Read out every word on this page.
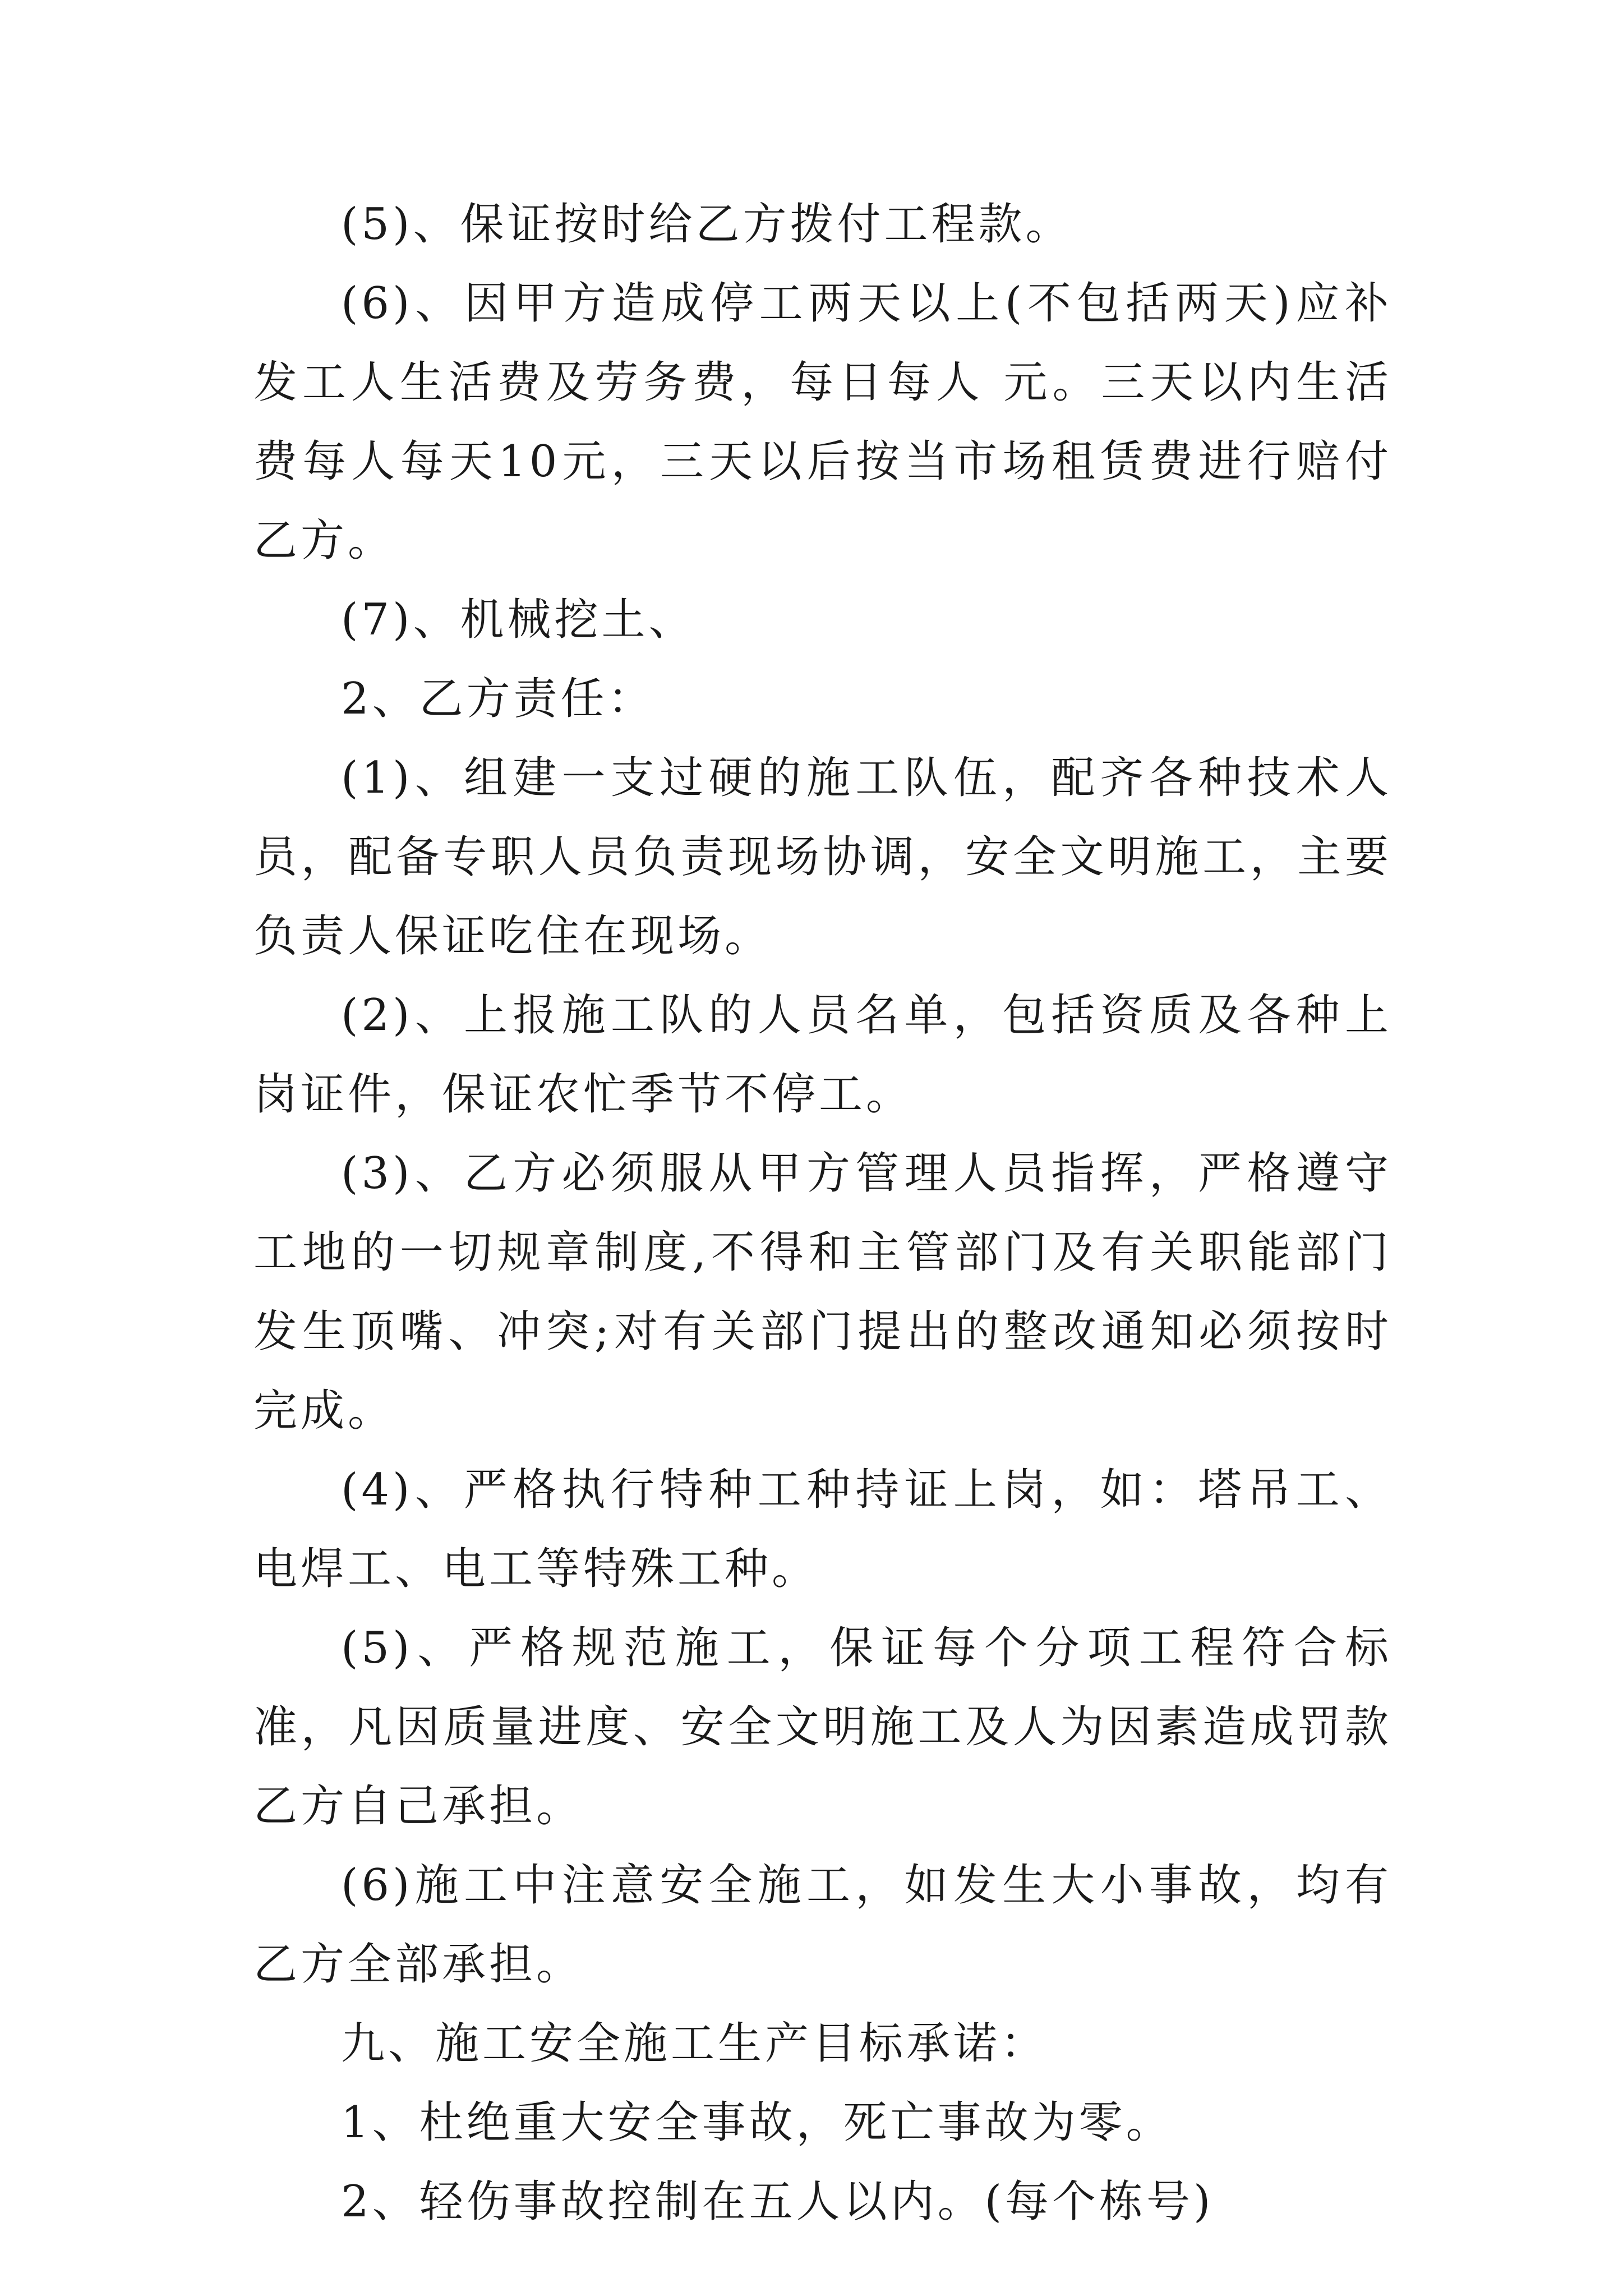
(5)、保证按时给乙方拨付工程款。

(6)、因甲方造成停工两天以上(不包括两天)应补发工人生活费及劳务费，每日每人 元。三天以内生活费每人每天10元，三天以后按当市场租赁费进行赔付乙方。

(7)、机械挖土、

2、乙方责任：

(1)、组建一支过硬的施工队伍，配齐各种技术人员，配备专职人员负责现场协调，安全文明施工，主要负责人保证吃住在现场。

(2)、上报施工队的人员名单，包括资质及各种上岗证件，保证农忙季节不停工。

(3)、乙方必须服从甲方管理人员指挥，严格遵守工地的一切规章制度,不得和主管部门及有关职能部门发生顶嘴、冲突;对有关部门提出的整改通知必须按时完成。

(4)、严格执行特种工种持证上岗，如：塔吊工、电焊工、电工等特殊工种。

(5)、严格规范施工，保证每个分项工程符合标准，凡因质量进度、安全文明施工及人为因素造成罚款乙方自己承担。

(6)施工中注意安全施工，如发生大小事故，均有乙方全部承担。

九、施工安全施工生产目标承诺：

1、杜绝重大安全事故，死亡事故为零。

2、轻伤事故控制在五人以内。(每个栋号)
